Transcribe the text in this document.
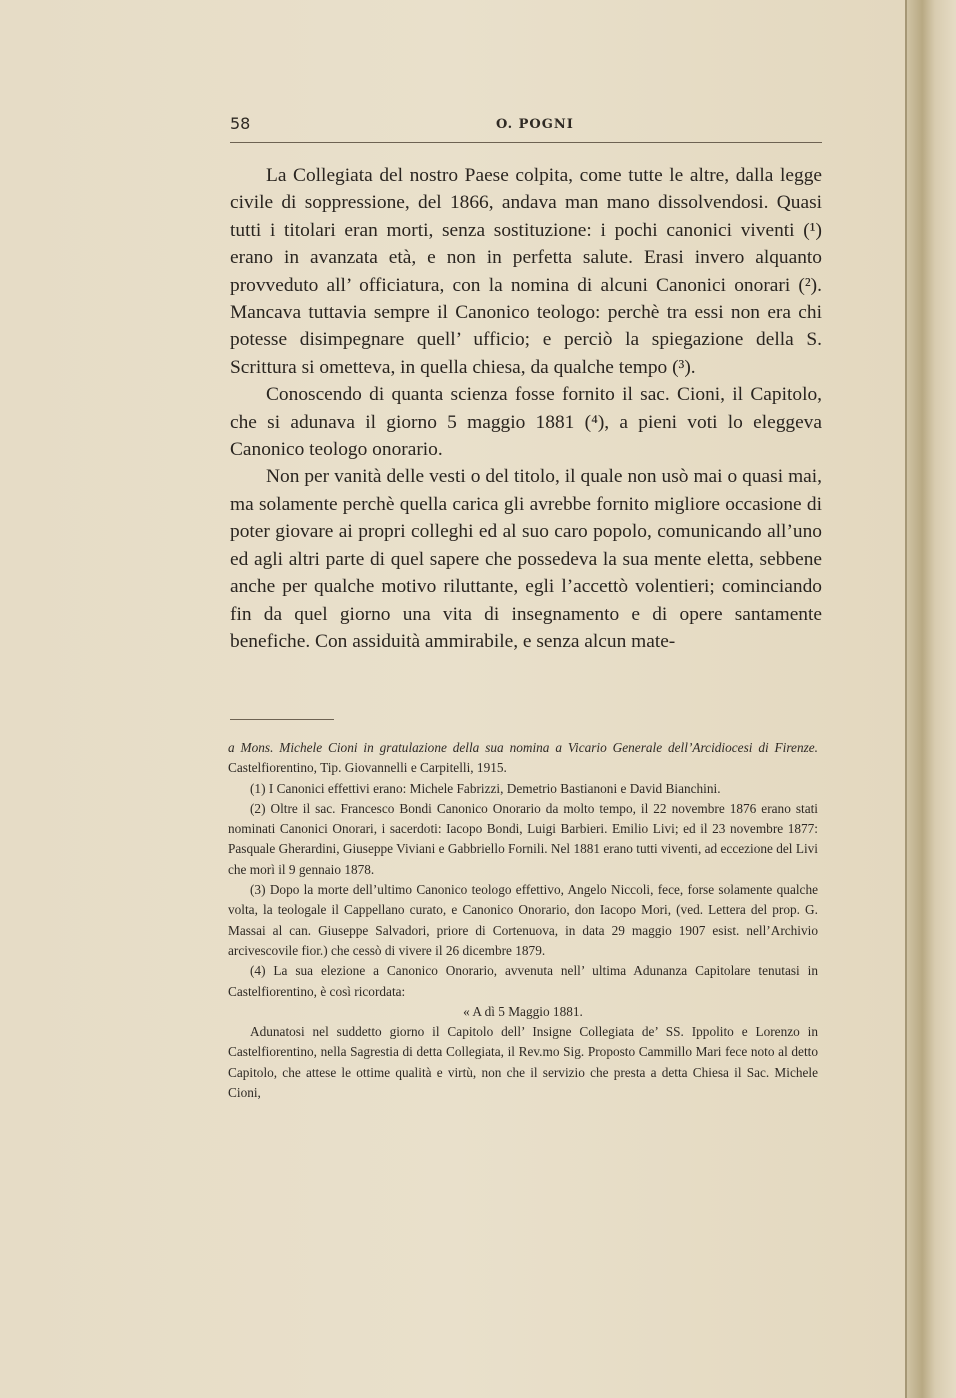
58	O. POGNI

La Collegiata del nostro Paese colpita, come tutte le altre, dalla legge civile di soppressione, del 1866, andava man mano dissolvendosi. Quasi tutti i titolari eran morti, senza sostituzione: i pochi canonici viventi (¹) erano in avanzata età, e non in perfetta salute. Erasi invero alquanto provveduto all’ officiatura, con la nomina di alcuni Canonici onorari (²). Mancava tuttavia sempre il Canonico teologo: perchè tra essi non era chi potesse disimpegnare quell’ ufficio; e perciò la spiegazione della S. Scrittura si ometteva, in quella chiesa, da qualche tempo (³).

Conoscendo di quanta scienza fosse fornito il sac. Cioni, il Capitolo, che si adunava il giorno 5 maggio 1881 (⁴), a pieni voti lo eleggeva Canonico teologo onorario.

Non per vanità delle vesti o del titolo, il quale non usò mai o quasi mai, ma solamente perchè quella carica gli avrebbe fornito migliore occasione di poter giovare ai propri colleghi ed al suo caro popolo, comunicando all’uno ed agli altri parte di quel sapere che possedeva la sua mente eletta, sebbene anche per qualche motivo riluttante, egli l’accettò volentieri; cominciando fin da quel giorno una vita di insegnamento e di opere santamente benefiche. Con assiduità ammirabile, e senza alcun mate-

a Mons. Michele Cioni in gratulazione della sua nomina a Vicario Generale dell’Arcidiocesi di Firenze. Castelfiorentino, Tip. Giovannelli e Carpitelli, 1915.

(1) I Canonici effettivi erano: Michele Fabrizzi, Demetrio Bastianoni e David Bianchini.

(2) Oltre il sac. Francesco Bondi Canonico Onorario da molto tempo, il 22 novembre 1876 erano stati nominati Canonici Onorari, i sacerdoti: Iacopo Bondi, Luigi Barbieri. Emilio Livi; ed il 23 novembre 1877: Pasquale Gherardini, Giuseppe Viviani e Gabbriello Fornili. Nel 1881 erano tutti viventi, ad eccezione del Livi che morì il 9 gennaio 1878.

(3) Dopo la morte dell’ultimo Canonico teologo effettivo, Angelo Niccoli, fece, forse solamente qualche volta, la teologale il Cappellano curato, e Canonico Onorario, don Iacopo Mori, (ved. Lettera del prop. G. Massai al can. Giuseppe Salvadori, priore di Cortenuova, in data 29 maggio 1907 esist. nell’Archivio arcivescovile fior.) che cessò di vivere il 26 dicembre 1879.

(4) La sua elezione a Canonico Onorario, avvenuta nell’ ultima Adunanza Capitolare tenutasi in Castelfiorentino, è così ricordata:

« A dì 5 Maggio 1881.

Adunatosi nel suddetto giorno il Capitolo dell’ Insigne Collegiata de’ SS. Ippolito e Lorenzo in Castelfiorentino, nella Sagrestia di detta Collegiata, il Rev.mo Sig. Proposto Cammillo Mari fece noto al detto Capitolo, che attese le ottime qualità e virtù, non che il servizio che presta a detta Chiesa il Sac. Michele Cioni,
